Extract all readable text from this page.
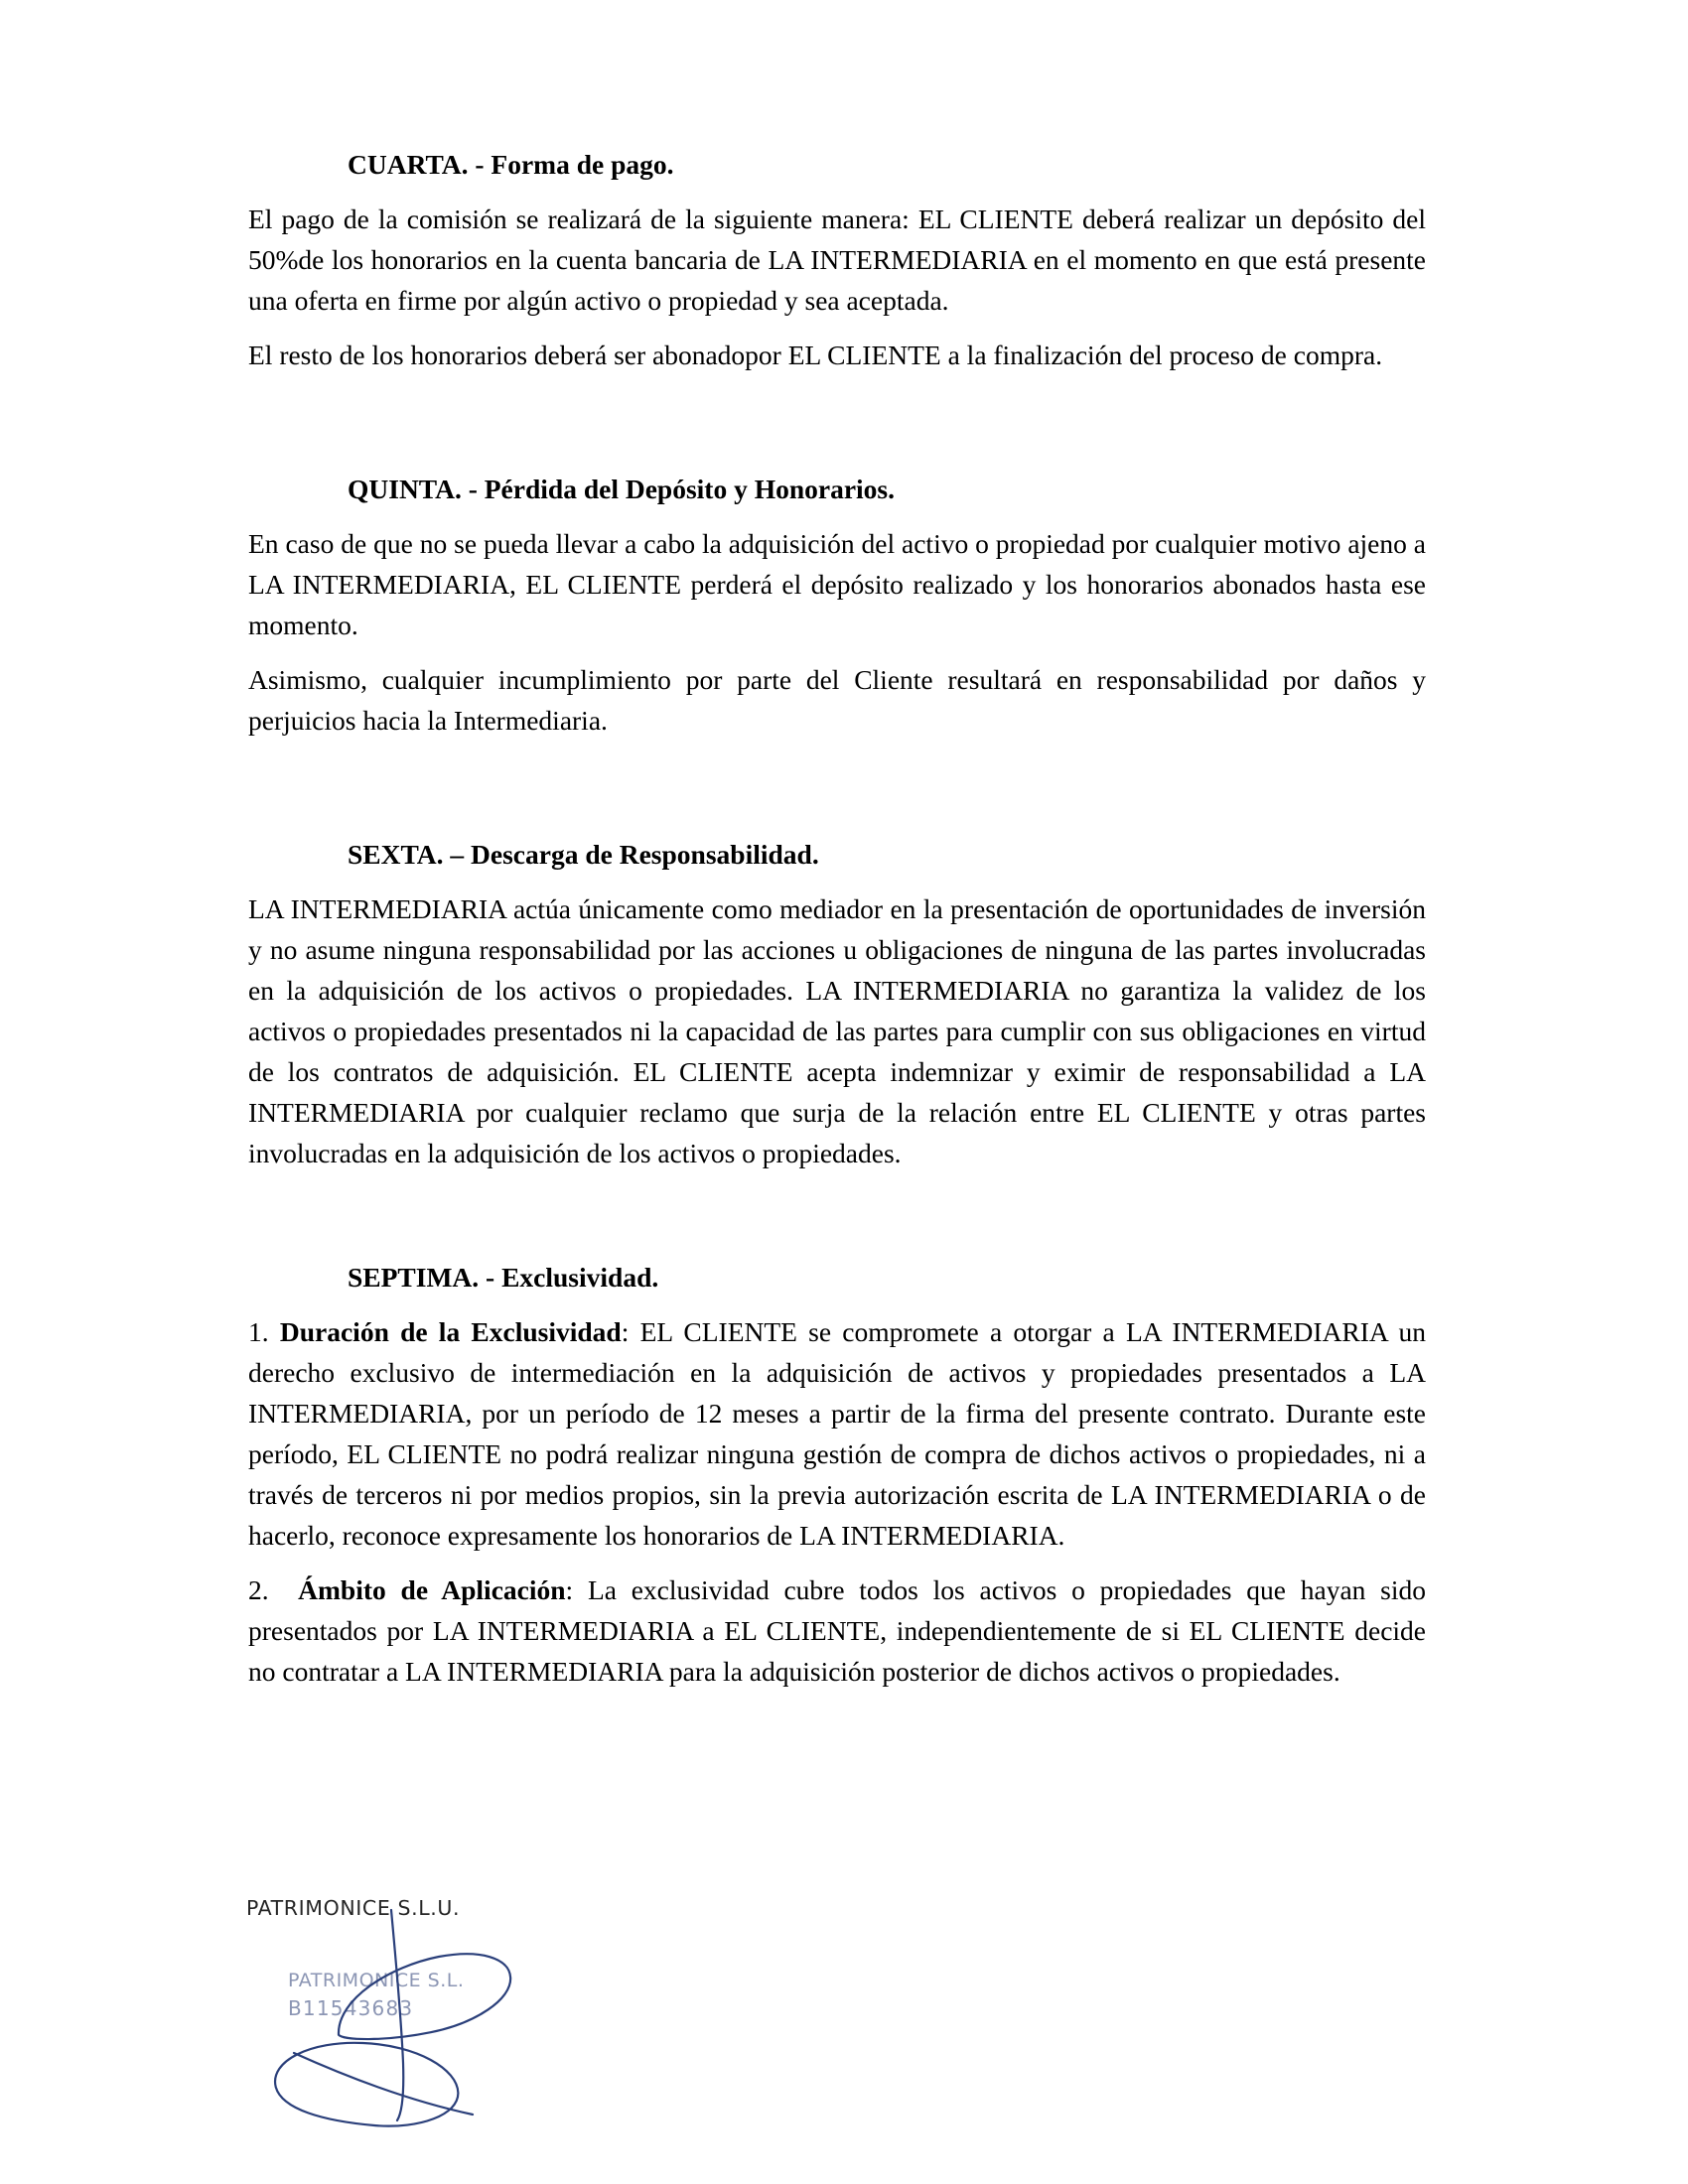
CUARTA. - Forma de pago.

El pago de la comisión se realizará de la siguiente manera: EL CLIENTE deberá realizar un depósito del 50%de los honorarios en la cuenta bancaria de LA INTERMEDIARIA en el momento en que está presente una oferta en firme por algún activo o propiedad y sea aceptada.

El resto de los honorarios deberá ser abonadopor EL CLIENTE a la finalización del proceso de compra.

QUINTA. - Pérdida del Depósito y Honorarios.

En caso de que no se pueda llevar a cabo la adquisición del activo o propiedad por cualquier motivo ajeno a LA INTERMEDIARIA, EL CLIENTE perderá el depósito realizado y los honorarios abonados hasta ese momento.

Asimismo, cualquier incumplimiento por parte del Cliente resultará en responsabilidad por daños y perjuicios hacia la Intermediaria.

SEXTA. – Descarga de Responsabilidad.

LA INTERMEDIARIA actúa únicamente como mediador en la presentación de oportunidades de inversión y no asume ninguna responsabilidad por las acciones u obligaciones de ninguna de las partes involucradas en la adquisición de los activos o propiedades. LA INTERMEDIARIA no garantiza la validez de los activos o propiedades presentados ni la capacidad de las partes para cumplir con sus obligaciones en virtud de los contratos de adquisición. EL CLIENTE acepta indemnizar y eximir de responsabilidad a LA INTERMEDIARIA por cualquier reclamo que surja de la relación entre EL CLIENTE y otras partes involucradas en la adquisición de los activos o propiedades.

SEPTIMA. - Exclusividad.

1. Duración de la Exclusividad: EL CLIENTE se compromete a otorgar a LA INTERMEDIARIA un derecho exclusivo de intermediación en la adquisición de activos y propiedades presentados a LA INTERMEDIARIA, por un período de 12 meses a partir de la firma del presente contrato. Durante este período, EL CLIENTE no podrá realizar ninguna gestión de compra de dichos activos o propiedades, ni a través de terceros ni por medios propios, sin la previa autorización escrita de LA INTERMEDIARIA o de hacerlo, reconoce expresamente los honorarios de LA INTERMEDIARIA.

2. Ámbito de Aplicación: La exclusividad cubre todos los activos o propiedades que hayan sido presentados por LA INTERMEDIARIA a EL CLIENTE, independientemente de si EL CLIENTE decide no contratar a LA INTERMEDIARIA para la adquisición posterior de dichos activos o propiedades.

PATRIMONICE S.L.U.
PATRIMONICE S.L.
B11543683
